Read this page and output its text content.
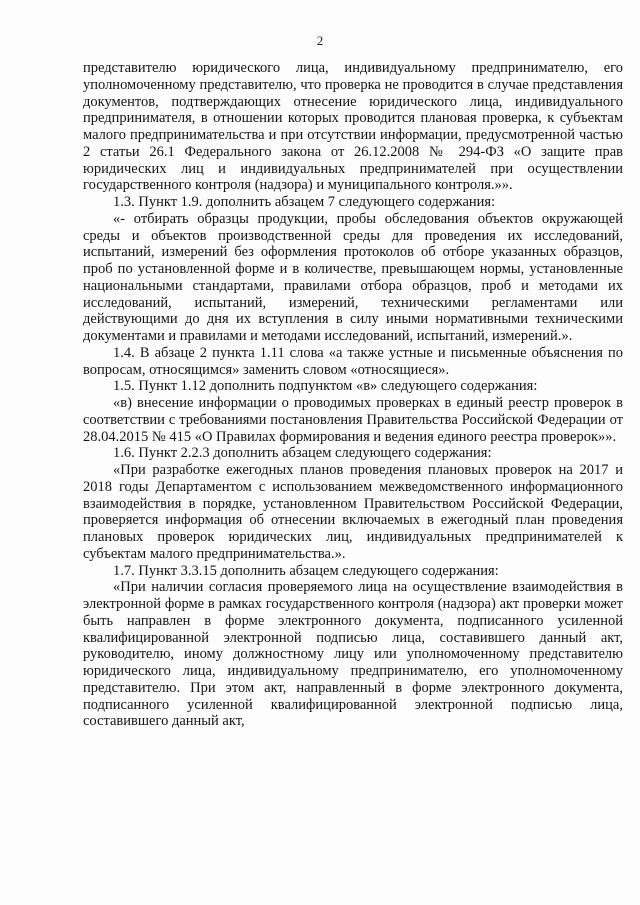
2

представителю юридического лица, индивидуальному предпринимателю, его уполномоченному представителю, что проверка не проводится в случае представления документов, подтверждающих отнесение юридического лица, индивидуального предпринимателя, в отношении которых проводится плановая проверка, к субъектам малого предпринимательства и при отсутствии информации, предусмотренной частью 2 статьи 26.1 Федерального закона от 26.12.2008 № 294-ФЗ «О защите прав юридических лиц и индивидуальных предпринимателей при осуществлении государственного контроля (надзора) и муниципального контроля.»».

1.3. Пункт 1.9. дополнить абзацем 7 следующего содержания:

«- отбирать образцы продукции, пробы обследования объектов окружающей среды и объектов производственной среды для проведения их исследований, испытаний, измерений без оформления протоколов об отборе указанных образцов, проб по установленной форме и в количестве, превышающем нормы, установленные национальными стандартами, правилами отбора образцов, проб и методами их исследований, испытаний, измерений, техническими регламентами или действующими до дня их вступления в силу иными нормативными техническими документами и правилами и методами исследований, испытаний, измерений.».

1.4. В абзаце 2 пункта 1.11 слова «а также устные и письменные объяснения по вопросам, относящимся» заменить словом «относящиеся».

1.5. Пункт 1.12 дополнить подпунктом «в» следующего содержания:

«в) внесение информации о проводимых проверках в единый реестр проверок в соответствии с требованиями постановления Правительства Российской Федерации от 28.04.2015 № 415 «О Правилах формирования и ведения единого реестра проверок»».

1.6. Пункт 2.2.3 дополнить абзацем следующего содержания:

«При разработке ежегодных планов проведения плановых проверок на 2017 и 2018 годы Департаментом с использованием межведомственного информационного взаимодействия в порядке, установленном Правительством Российской Федерации, проверяется информация об отнесении включаемых в ежегодный план проведения плановых проверок юридических лиц, индивидуальных предпринимателей к субъектам малого предпринимательства.».

1.7. Пункт 3.3.15 дополнить абзацем следующего содержания:

«При наличии согласия проверяемого лица на осуществление взаимодействия в электронной форме в рамках государственного контроля (надзора) акт проверки может быть направлен в форме электронного документа, подписанного усиленной квалифицированной электронной подписью лица, составившего данный акт, руководителю, иному должностному лицу или уполномоченному представителю юридического лица, индивидуальному предпринимателю, его уполномоченному представителю. При этом акт, направленный в форме электронного документа, подписанного усиленной квалифицированной электронной подписью лица, составившего данный акт,
